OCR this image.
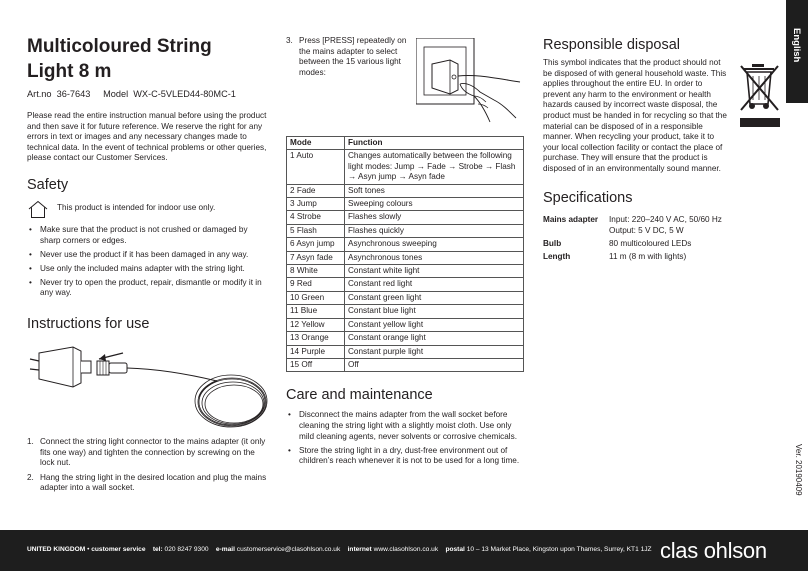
Multicoloured String
Light 8 m
Art.no 36-7643 Model WX-C-5VLED44-80MC-1

Please read the entire instruction manual before using the product and then save it for future reference. We reserve the right for any errors in text or images and any necessary changes made to technical data. In the event of technical problems or other queries, please contact our Customer Services.

Safety
This product is intended for indoor use only.
• Make sure that the product is not crushed or damaged by sharp corners or edges.
• Never use the product if it has been damaged in any way.
• Use only the included mains adapter with the string light.
• Never try to open the product, repair, dismantle or modify it in any way.
Instructions for use
1. Connect the string light connector to the mains adapter (it only fits one way) and tighten the connection by screwing on the lock nut.
2. Hang the string light in the desired location and plug the mains adapter into a wall socket.
3. Press [PRESS] repeatedly on the mains adapter to select between the 15 various light modes:
Mode	Function
1 Auto	Changes automatically between the following light modes: Jump → Fade → Strobe → Flash → Asyn jump → Asyn fade
2 Fade	Soft tones
3 Jump	Sweeping colours
4 Strobe	Flashes slowly
5 Flash	Flashes quickly
6 Asyn jump	Asynchronous sweeping
7 Asyn fade	Asynchronous tones
8 White	Constant white light
9 Red	Constant red light
10 Green	Constant green light
11 Blue	Constant blue light
12 Yellow	Constant yellow light
13 Orange	Constant orange light
14 Purple	Constant purple light
15 Off	Off
Care and maintenance
• Disconnect the mains adapter from the wall socket before cleaning the string light with a slightly moist cloth. Use only mild cleaning agents, never solvents or corrosive chemicals.
• Store the string light in a dry, dust-free environment out of children’s reach whenever it is not to be used for a long time.
Responsible disposal

This symbol indicates that the product should not be disposed of with general household waste. This applies throughout the entire EU. In order to prevent any harm to the environment or health hazards caused by incorrect waste disposal, the product must be handed in for recycling so that the material can be disposed of in a responsible manner. When recycling your product, take it to your local collection facility or contact the place of purchase. They will ensure that the product is disposed of in an environmentally sound manner.

Specifications
Mains adapter	Input: 220–240 V AC, 50/60 Hz
Output: 5 V DC, 5 W
Bulb	80 multicoloured LEDs
Length	11 m (8 m with lights)
English
Ver. 20190409
UNITED KINGDOM • customer service tel: 020 8247 9300 e-mail customerservice@clasohlson.co.uk internet www.clasohlson.co.uk postal 10 – 13 Market Place, Kingston upon Thames, Surrey, KT1 1JZ clas ohlson
